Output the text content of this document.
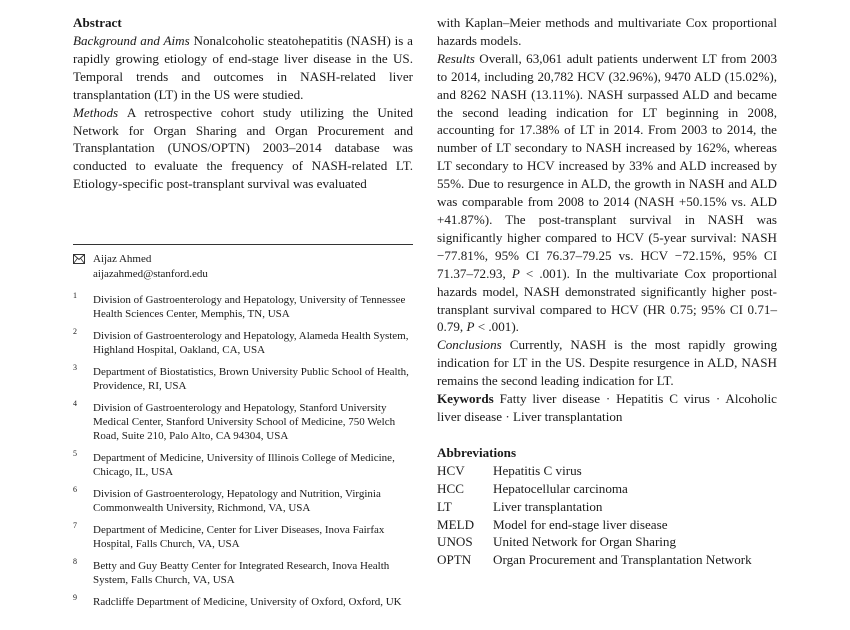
Abstract

Background and Aims Nonalcoholic steatohepatitis (NASH) is a rapidly growing etiology of end-stage liver disease in the US. Temporal trends and outcomes in NASH-related liver transplantation (LT) in the US were studied.

Methods A retrospective cohort study utilizing the United Network for Organ Sharing and Organ Procurement and Transplantation (UNOS/OPTN) 2003–2014 database was conducted to evaluate the frequency of NASH-related LT. Etiology-specific post-transplant survival was evaluated

Aijaz Ahmed
aijazahmed@stanford.edu
1 Division of Gastroenterology and Hepatology, University of Tennessee Health Sciences Center, Memphis, TN, USA
2 Division of Gastroenterology and Hepatology, Alameda Health System, Highland Hospital, Oakland, CA, USA
3 Department of Biostatistics, Brown University Public School of Health, Providence, RI, USA
4 Division of Gastroenterology and Hepatology, Stanford University Medical Center, Stanford University School of Medicine, 750 Welch Road, Suite 210, Palo Alto, CA 94304, USA
5 Department of Medicine, University of Illinois College of Medicine, Chicago, IL, USA
6 Division of Gastroenterology, Hepatology and Nutrition, Virginia Commonwealth University, Richmond, VA, USA
7 Department of Medicine, Center for Liver Diseases, Inova Fairfax Hospital, Falls Church, VA, USA
8 Betty and Guy Beatty Center for Integrated Research, Inova Health System, Falls Church, VA, USA
9 Radcliffe Department of Medicine, University of Oxford, Oxford, UK

with Kaplan–Meier methods and multivariate Cox proportional hazards models.

Results Overall, 63,061 adult patients underwent LT from 2003 to 2014, including 20,782 HCV (32.96%), 9470 ALD (15.02%), and 8262 NASH (13.11%). NASH surpassed ALD and became the second leading indication for LT beginning in 2008, accounting for 17.38% of LT in 2014. From 2003 to 2014, the number of LT secondary to NASH increased by 162%, whereas LT secondary to HCV increased by 33% and ALD increased by 55%. Due to resurgence in ALD, the growth in NASH and ALD was comparable from 2008 to 2014 (NASH +50.15% vs. ALD +41.87%). The post-transplant survival in NASH was significantly higher compared to HCV (5-year survival: NASH −77.81%, 95% CI 76.37–79.25 vs. HCV −72.15%, 95% CI 71.37–72.93, P < .001). In the multivariate Cox proportional hazards model, NASH demonstrated significantly higher post-transplant survival compared to HCV (HR 0.75; 95% CI 0.71–0.79, P < .001).

Conclusions Currently, NASH is the most rapidly growing indication for LT in the US. Despite resurgence in ALD, NASH remains the second leading indication for LT.

Keywords Fatty liver disease · Hepatitis C virus · Alcoholic liver disease · Liver transplantation

Abbreviations

HCV	Hepatitis C virus
HCC	Hepatocellular carcinoma
LT	Liver transplantation
MELD	Model for end-stage liver disease
UNOS	United Network for Organ Sharing
OPTN	Organ Procurement and Transplantation Network
